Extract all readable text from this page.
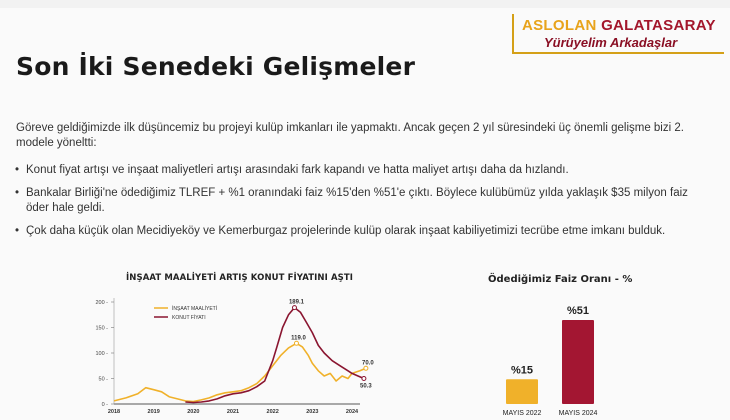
ASLOLAN GALATASARAY
Yürüyelim Arkadaşlar
Son İki Senedeki Gelişmeler
Göreve geldiğimizde ilk düşüncemiz bu projeyi kulüp imkanları ile yapmaktı. Ancak geçen 2 yıl süresindeki üç önemli gelişme bizi 2. modele yöneltti:
• Konut fiyat artışı ve inşaat maliyetleri artışı arasındaki fark kapandı ve hatta maliyet artışı daha da hızlandı.
• Bankalar Birliği'ne ödediğimiz TLREF + %1 oranındaki faiz %15'den %51'e çıktı. Böylece kulübümüz yılda yaklaşık $35 milyon faiz öder hale geldi.
• Çok daha küçük olan Mecidiyeköy ve Kemerburgaz projelerinde kulüp olarak inşaat kabiliyetimizi tecrübe etme imkanı bulduk.
İNŞAAT MAALİYETİ ARTIŞ KONUT FİYATINI AŞTI
0 -
50 -
100 -
150 -
200 -
2018	2019	2020	2021	2022	2023	2024
İNŞAAT MAALİYETİ
119.0
70.0
KONUT FİYATI
189.1
50.3
Ödediğimiz Faiz Oranı - %
%15
MAYIS 2022
%51
MAYIS 2024
